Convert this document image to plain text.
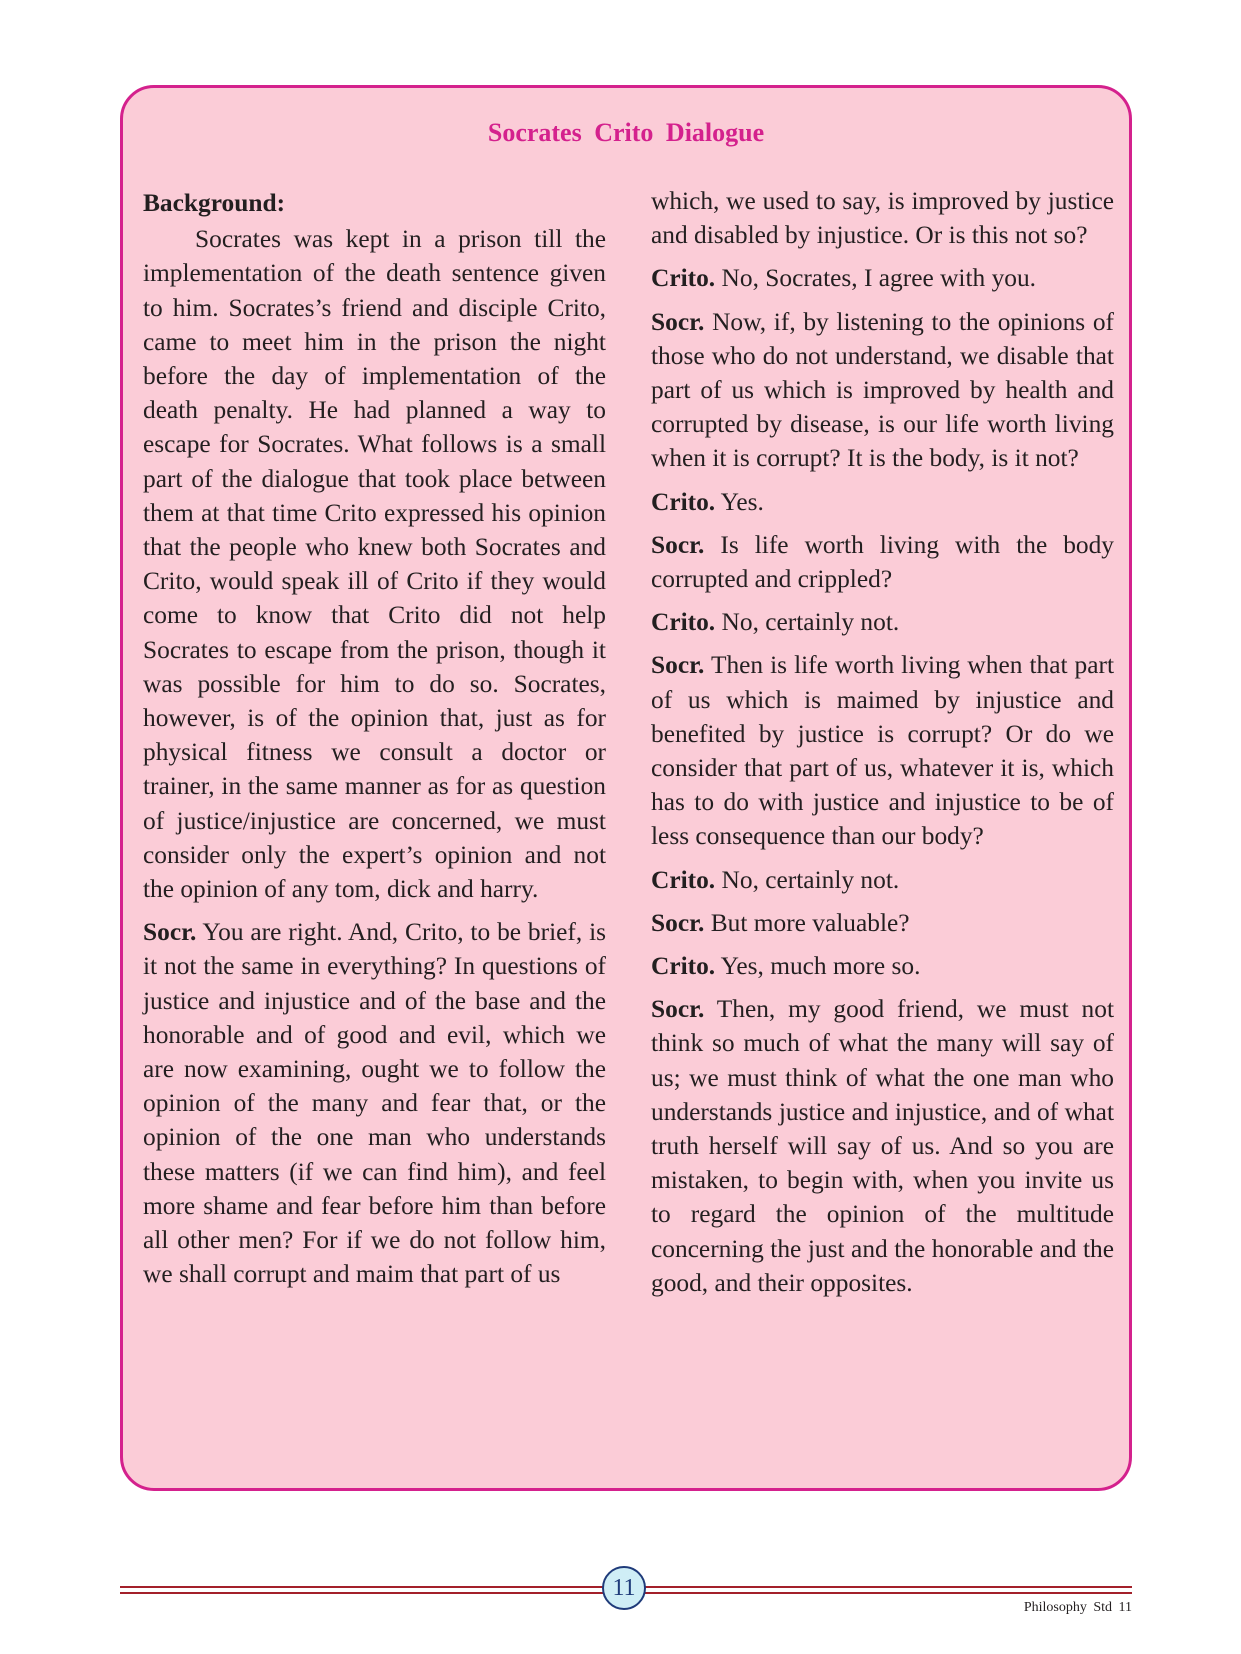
Socrates Crito Dialogue
Background:

Socrates was kept in a prison till the implementation of the death sentence given to him. Socrates’s friend and disciple Crito, came to meet him in the prison the night before the day of implementation of the death penalty. He had planned a way to escape for Socrates. What follows is a small part of the dialogue that took place between them at that time Crito expressed his opinion that the people who knew both Socrates and Crito, would speak ill of Crito if they would come to know that Crito did not help Socrates to escape from the prison, though it was possible for him to do so. Socrates, however, is of the opinion that, just as for physical fitness we consult a doctor or trainer, in the same manner as for as question of justice/injustice are concerned, we must consider only the expert’s opinion and not the opinion of any tom, dick and harry.

Socr. You are right. And, Crito, to be brief, is it not the same in everything? In questions of justice and injustice and of the base and the honorable and of good and evil, which we are now examining, ought we to follow the opinion of the many and fear that, or the opinion of the one man who understands these matters (if we can find him), and feel more shame and fear before him than before all other men? For if we do not follow him, we shall corrupt and maim that part of us

which, we used to say, is improved by justice and disabled by injustice. Or is this not so?

Crito. No, Socrates, I agree with you.

Socr. Now, if, by listening to the opinions of those who do not understand, we disable that part of us which is improved by health and corrupted by disease, is our life worth living when it is corrupt? It is the body, is it not?

Crito. Yes.

Socr. Is life worth living with the body corrupted and crippled?

Crito. No, certainly not.

Socr. Then is life worth living when that part of us which is maimed by injustice and benefited by justice is corrupt? Or do we consider that part of us, whatever it is, which has to do with justice and injustice to be of less consequence than our body?

Crito. No, certainly not.

Socr. But more valuable?

Crito. Yes, much more so.

Socr. Then, my good friend, we must not think so much of what the many will say of us; we must think of what the one man who understands justice and injustice, and of what truth herself will say of us. And so you are mistaken, to begin with, when you invite us to regard the opinion of the multitude concerning the just and the honorable and the good, and their opposites.

11
Philosophy Std 11
